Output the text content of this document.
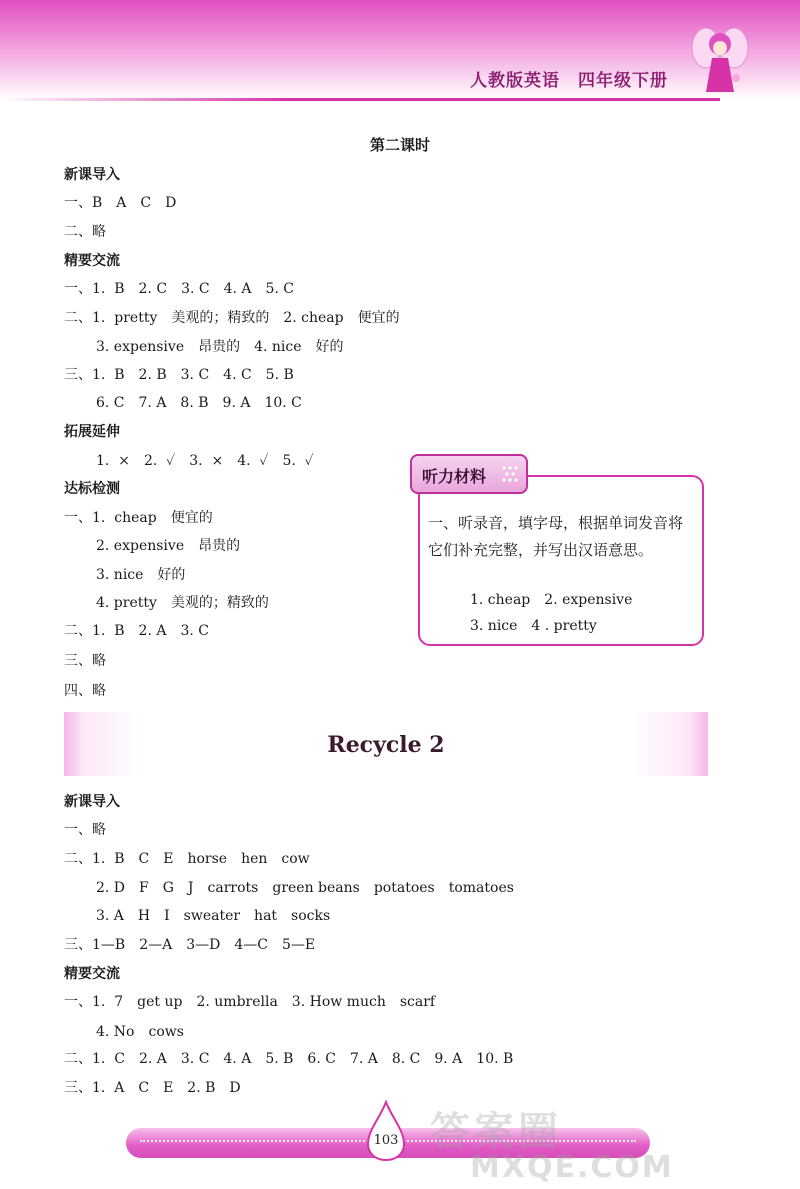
人教版英语　四年级下册
第二课时
新课导入
一、B　A　C　D
二、略
精要交流
一、1.  B　2. C　3. C　4. A　5. C
二、1.  pretty　美观的；精致的　2. cheap　便宜的
3. expensive　昂贵的　4. nice　好的
三、1.  B　2. B　3. C　4. C　5. B
6. C　7. A　8. B　9. A　10. C
拓展延伸
1.  ×　2.  ✓　3.  ×　4.  ✓　5.  ✓
达标检测
一、1.  cheap　便宜的
2. expensive　昂贵的
3. nice　好的
4. pretty　美观的；精致的
二、1.  B　2. A　3. C
三、略
四、略
听力材料
一、听录音，填字母，根据单词发音将它们补充完整，并写出汉语意思。
1. cheap　2. expensive
3. nice　4 . pretty
Recycle 2
新课导入
一、略
二、1.  B　C　E　horse　hen　cow
2. D　F　G　J　carrots　green beans　potatoes　tomatoes
3. A　H　I　sweater　hat　socks
三、1—B　2—A　3—D　4—C　5—E
精要交流
一、1.  7　get up　2. umbrella　3. How much　scarf
4. No　cows
二、1.  C　2. A　3. C　4. A　5. B　6. C　7. A　8. C　9. A　10. B
三、1.  A　C　E　2. B　D
103 答案圈
MXQE.COM
